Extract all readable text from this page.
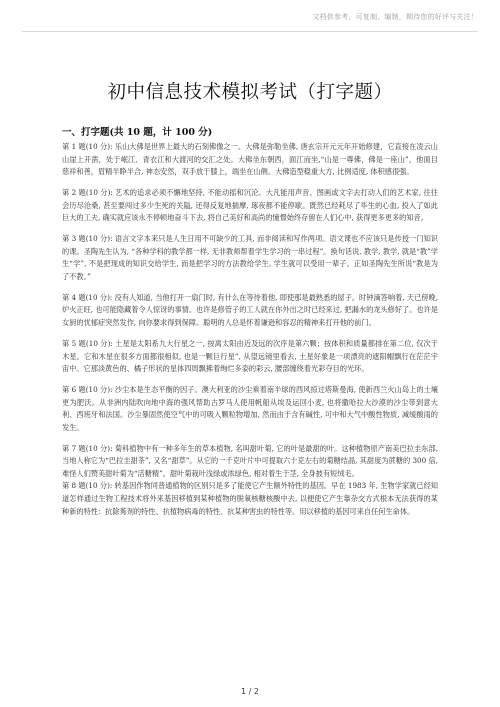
文档供参考，可复制、编制，期待您的好评与关注！
初中信息技术模拟考试（打字题）
一、打字题(共 10 题，计 100 分)
第 1 题(10 分): 乐山大佛是世界上最大的石刻佛像之一。大佛是弥勒坐佛, 唐玄宗开元元年开始修建，它直接在凌云山山崖上开凿，处于岷江、青衣江和大渡河的交汇之处。大佛坐东朝西，面江而坐,“山是一尊佛，佛是一座山”，他面目慈祥和善，眉精半睁半合, 神态安然，双手放于膝上，端坐在山侧。大佛造型稳重大方, 比例适度, 体积感很强。
第 2 题(10 分): 艺术的追求必须不懈地坚持, 不能动摇和沉沦。大凡能用声音、图画或文字去打动人们的艺术家, 往往会历尽沧桑, 甚至要闯过多少生死的关隘, 还得反复地揣摩, 琢夜都不能停歇。既然已经耗尽了毕生的心血, 投入了如此巨大的工夫, 确实就应该永不停顿地奋斗下去, 将自己美好和高尚的憧憬始终存留在人们心中, 获得更多更多的知音。
第 3 题(10 分): 语言文字本来只是人生日用不可缺少的工具, 而非阅读和写作两项。语文课也不应该只是传授一门知识的课。圣陶先生认为, “各种学科的教学都一样, 无非教师帮着学生学习的一串过程”。换句话说, 教学, 教学, 就是“教”学生“学”, 不是把现成的知识交给学生, 而是把学习的方法教给学生, 学生就可以受用一辈子。正如圣陶先生所说“教是为了不教。”
第 4 题(10 分): 没有人知道, 当他打开一扇门时, 有什么在等待着他, 即使那是最熟悉的屋子。时钟滴答响着, 天已傍晚, 炉火正旺, 也可能隐藏着令人惊讶的事情。也许是修管子的工人就在你外出之时已经来过, 把漏水的龙头修好了。也许是女厨的忧郁症突然发作, 向你要求得到保障。聪明的人总是怀着谦逊和容忍的精神来打开他的前门。
第 5 题(10 分): 土星是太阳系九大行星之一, 按离太阳由近及远的次序是第六颗；按体积和质量都排在第二位, 仅次于木星。它和木星在很多方面都很相似, 也是一颗巨行星”, 从望远镜里看去, 土星好象是一项漂亮的遮阳帽飘行在茫茫宇宙中。它那淡黄色的、橘子形状的星体四周飘拂着绚烂多姿的彩云, 腰部缠绕着光彩夺目的光环。
第 6 题(10 分): 沙尘本是生态平衡的因子。澳大利亚的沙尘乘着南半球的西风掠过塔斯曼海, 使新西兰火山岛上的土壤更为肥沃。从非洲内陆吹向地中海的强风帮助古罗马人使用帆船从埃及运回小麦, 也将撒哈拉大沙漠的沙尘带到意大利、西班牙和法国。沙尘暴固然使空气中的可吸入颗粒物增加, 然而由于含有碱性, 可中和大气中酸性物质, 减缓酸雨的发生。
第 7 题(10 分): 菊科植物中有一种多年生的草本植物, 名叫甜叶菊, 它的叶是最甜的叶。这种植物原产南美巴拉圭东部, 当地人称它为“巴拉圭甜茶”, 又名“甜草”。从它的一千克叶片中可提取六十克左右的菊糖结晶, 其甜度为蔗糖的 300 倍, 难怪人们赞美甜叶菊为“活糖精”。甜叶菊栽叶浅绿或浓绿色, 相对着生于茎, 全身披有短绒毛。
第 8 题(10 分): 转基因作物同普通植物的区别只是多了能使它产生额外特性的基因。早在 1983 年, 生物学家就已经知道怎样通过生物工程技术将外来基因移植到某种植物的脱氧核糖核酸中去, 以便使它产生靠杂交方式根本无法获得的某种新的特性：抗除莠剂的特性、抗植物病毒的特性、抗某种害虫的特性等。用以移植的基因可来自任何生命体。
1 / 2
